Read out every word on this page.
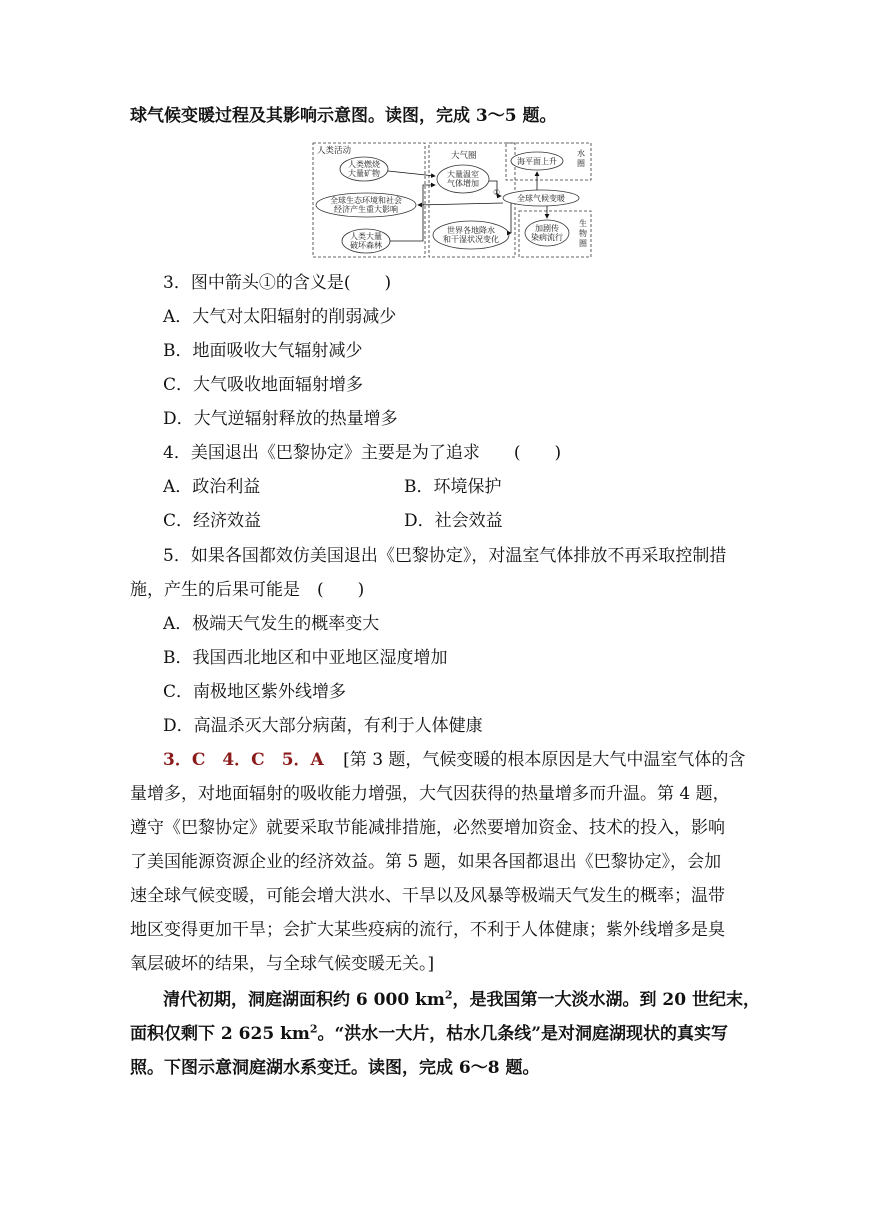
球气候变暖过程及其影响示意图。读图，完成 3～5 题。
人类活动	大气圈
人类燃烧
大量矿物
全球生态环境和社会
经济产生重大影响
人类大量
破坏森林
大量温室
气体增加
世界各地降水
和干湿状况变化
海平面上升
水
圈
全球气候变暖
加剧传
染病流行
生
物
圈
①
3．图中箭头①的含义是(　　)
A．大气对太阳辐射的削弱减少
B．地面吸收大气辐射减少
C．大气吸收地面辐射增多
D．大气逆辐射释放的热量增多
4．美国退出《巴黎协定》主要是为了追求　　(　　)
A．政治利益	B．环境保护
C．经济效益	D．社会效益
5．如果各国都效仿美国退出《巴黎协定》，对温室气体排放不再采取控制措
施，产生的后果可能是　(　　)
A．极端天气发生的概率变大
B．我国西北地区和中亚地区湿度增加
C．南极地区紫外线增多
D．高温杀灭大部分病菌，有利于人体健康
3．C　4．C　5．A [第 3 题，气候变暖的根本原因是大气中温室气体的含
量增多，对地面辐射的吸收能力增强，大气因获得的热量增多而升温。第 4 题，
遵守《巴黎协定》就要采取节能减排措施，必然要增加资金、技术的投入，影响
了美国能源资源企业的经济效益。第 5 题，如果各国都退出《巴黎协定》，会加
速全球气候变暖，可能会增大洪水、干旱以及风暴等极端天气发生的概率；温带
地区变得更加干旱；会扩大某些疫病的流行，不利于人体健康；紫外线增多是臭
氧层破坏的结果，与全球气候变暖无关。]
清代初期，洞庭湖面积约 6 000 $km^2$，是我国第一大淡水湖。到 20 世纪末，
面积仅剩下 2 625 $km^2$。“洪水一大片，枯水几条线”是对洞庭湖现状的真实写
照。下图示意洞庭湖水系变迁。读图，完成 6～8 题。
